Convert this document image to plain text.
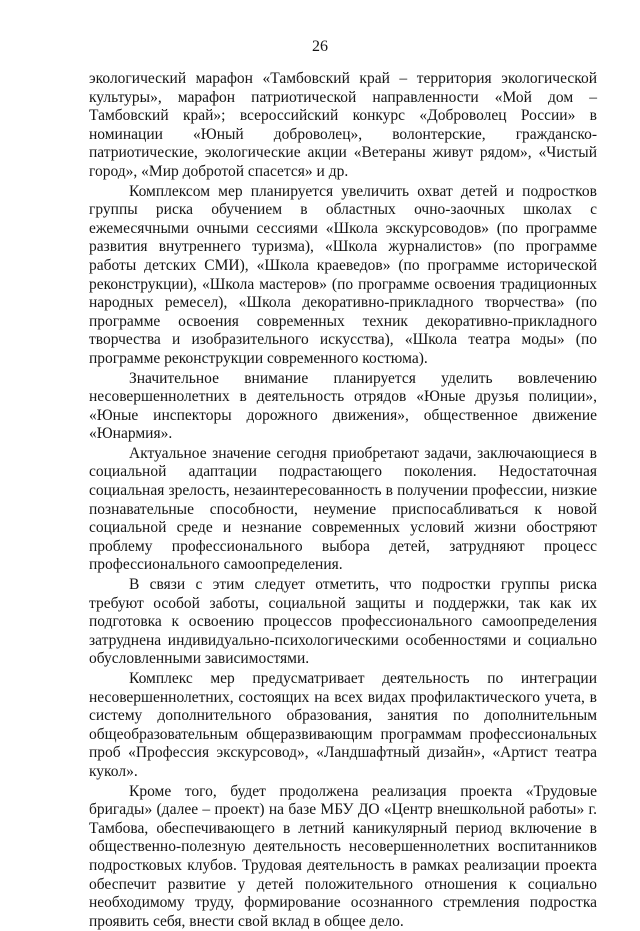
26

экологический марафон «Тамбовский край – территория экологической культуры», марафон патриотической направленности «Мой дом – Тамбовский край»; всероссийский конкурс «Доброволец России» в номинации «Юный доброволец», волонтерские, гражданско-патриотические, экологические акции «Ветераны живут рядом», «Чистый город», «Мир добротой спасется» и др.

Комплексом мер планируется увеличить охват детей и подростков группы риска обучением в областных очно-заочных школах с ежемесячными очными сессиями «Школа экскурсоводов» (по программе развития внутреннего туризма), «Школа журналистов» (по программе работы детских СМИ), «Школа краеведов» (по программе исторической реконструкции), «Школа мастеров» (по программе освоения традиционных народных ремесел), «Школа декоративно-прикладного творчества» (по программе освоения современных техник декоративно-прикладного творчества и изобразительного искусства), «Школа театра моды» (по программе реконструкции современного костюма).

Значительное внимание планируется уделить вовлечению несовершеннолетних в деятельность отрядов «Юные друзья полиции», «Юные инспекторы дорожного движения», общественное движение «Юнармия».

Актуальное значение сегодня приобретают задачи, заключающиеся в социальной адаптации подрастающего поколения. Недостаточная социальная зрелость, незаинтересованность в получении профессии, низкие познавательные способности, неумение приспосабливаться к новой социальной среде и незнание современных условий жизни обостряют проблему профессионального выбора детей, затрудняют процесс профессионального самоопределения.

В связи с этим следует отметить, что подростки группы риска требуют особой заботы, социальной защиты и поддержки, так как их подготовка к освоению процессов профессионального самоопределения затруднена индивидуально-психологическими особенностями и социально обусловленными зависимостями.

Комплекс мер предусматривает деятельность по интеграции несовершеннолетних, состоящих на всех видах профилактического учета, в систему дополнительного образования, занятия по дополнительным общеобразовательным общеразвивающим программам профессиональных проб «Профессия экскурсовод», «Ландшафтный дизайн», «Артист театра кукол».

Кроме того, будет продолжена реализация проекта «Трудовые бригады» (далее – проект) на базе МБУ ДО «Центр внешкольной работы» г. Тамбова, обеспечивающего в летний каникулярный период включение в общественно-полезную деятельность несовершеннолетних воспитанников подростковых клубов. Трудовая деятельность в рамках реализации проекта обеспечит развитие у детей положительного отношения к социально необходимому труду, формирование осознанного стремления подростка проявить себя, внести свой вклад в общее дело.
